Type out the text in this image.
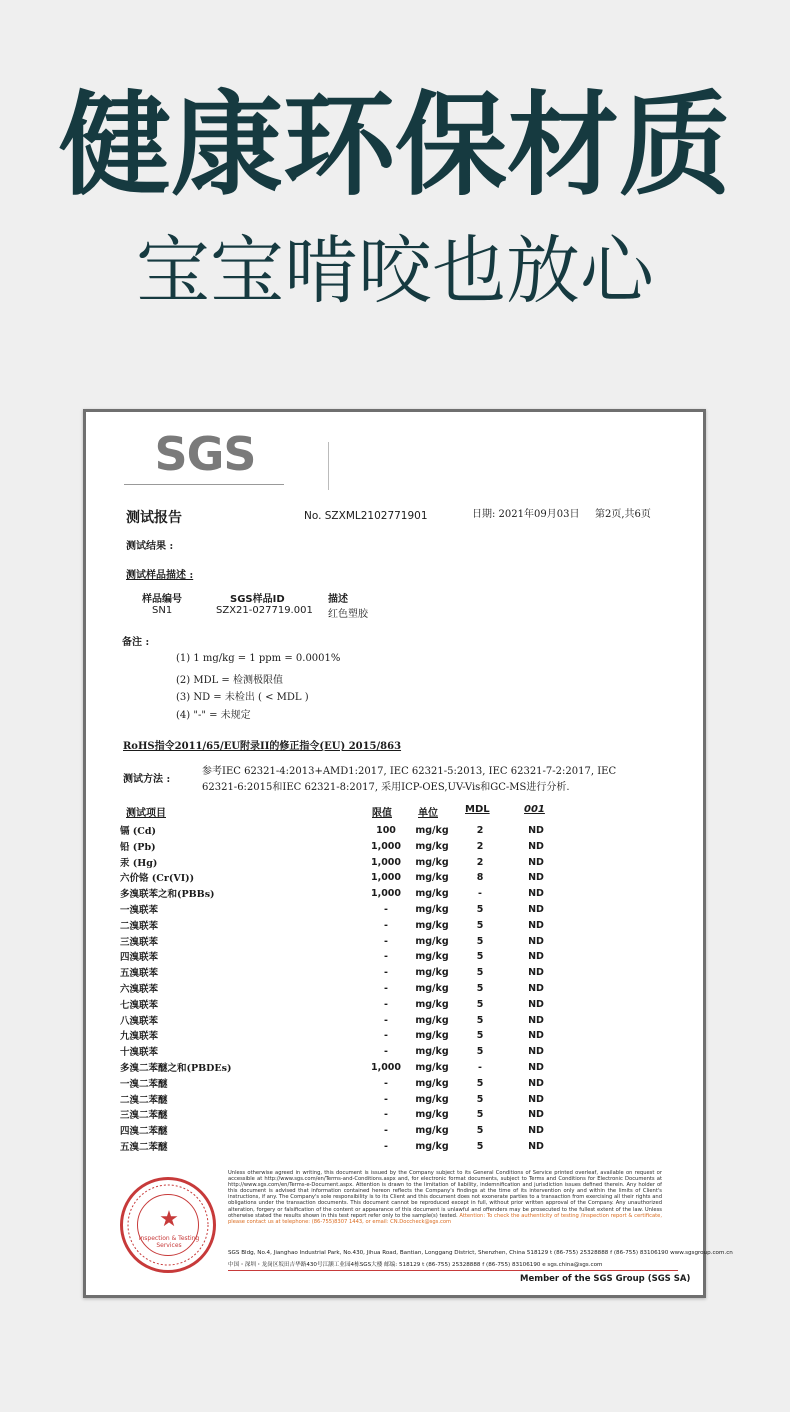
健康环保材质
宝宝啃咬也放心
SGS
测试报告	No. SZXML2102771901	日期: 2021年09月03日 第2页,共6页
测试结果 :
测试样品描述 :
样品编号	SGS样品ID	描述
SN1	SZX21-027719.001 红色塑胶
备注 :
(1) 1 mg/kg = 1 ppm = 0.0001%
(2) MDL = 检测极限值
(3) ND = 未检出 ( < MDL )
(4) "-" = 未规定
RoHS指令2011/65/EU附录II的修正指令(EU) 2015/863
测试方法 :
参考IEC 62321-4:2013+AMD1:2017, IEC 62321-5:2013, IEC 62321-7-2:2017, IEC
62321-6:2015和IEC 62321-8:2017, 采用ICP-OES,UV-Vis和GC-MS进行分析.
测试项目	限值	单位	MDL	001
镉 (Cd)	100	mg/kg	2	ND
铅 (Pb)	1,000	mg/kg	2	ND
汞 (Hg)	1,000	mg/kg	2	ND
六价铬 (Cr(VI))	1,000	mg/kg	8	ND
多溴联苯之和(PBBs)	1,000	mg/kg	-	ND
一溴联苯	-	mg/kg	5	ND
二溴联苯	-	mg/kg	5	ND
三溴联苯	-	mg/kg	5	ND
四溴联苯	-	mg/kg	5	ND
五溴联苯	-	mg/kg	5	ND
六溴联苯	-	mg/kg	5	ND
七溴联苯	-	mg/kg	5	ND
八溴联苯	-	mg/kg	5	ND
九溴联苯	-	mg/kg	5	ND
十溴联苯	-	mg/kg	5	ND
多溴二苯醚之和(PBDEs)	1,000	mg/kg	-	ND
一溴二苯醚	-	mg/kg	5	ND
二溴二苯醚	-	mg/kg	5	ND
三溴二苯醚	-	mg/kg	5	ND
四溴二苯醚	-	mg/kg	5	ND
五溴二苯醚	-	mg/kg	5	ND
★
Inspection & Testing Services
Unless otherwise agreed in writing, this document is issued by the Company subject to its General Conditions of Service printed overleaf, available on request or accessible at http://www.sgs.com/en/Terms-and-Conditions.aspx and, for electronic format documents, subject to Terms and Conditions for Electronic Documents at http://www.sgs.com/en/Terms-e-Document.aspx. Attention is drawn to the limitation of liability, indemnification and jurisdiction issues defined therein. Any holder of this document is advised that information contained hereon reflects the Company's findings at the time of its intervention only and within the limits of Client's instructions, if any. The Company's sole responsibility is to its Client and this document does not exonerate parties to a transaction from exercising all their rights and obligations under the transaction documents. This document cannot be reproduced except in full, without prior written approval of the Company. Any unauthorized alteration, forgery or falsification of the content or appearance of this document is unlawful and offenders may be prosecuted to the fullest extent of the law. Unless otherwise stated the results shown in this test report refer only to the sample(s) tested. Attention: To check the authenticity of testing /inspection report & certificate, please contact us at telephone: (86-755)8307 1443, or email: CN.Doccheck@sgs.com
SGS Bldg, No.4, Jianghao Industrial Park, No.430, Jihua Road, Bantian, Longgang District, Shenzhen, China 518129 t (86-755) 25328888 f (86-755) 83106190 www.sgsgroup.com.cn
中国・深圳・龙岗区坂田吉华路430号江灏工业园4栋SGS大楼 邮编: 518129 t (86-755) 25328888 f (86-755) 83106190 e sgs.china@sgs.com
Member of the SGS Group (SGS SA)
